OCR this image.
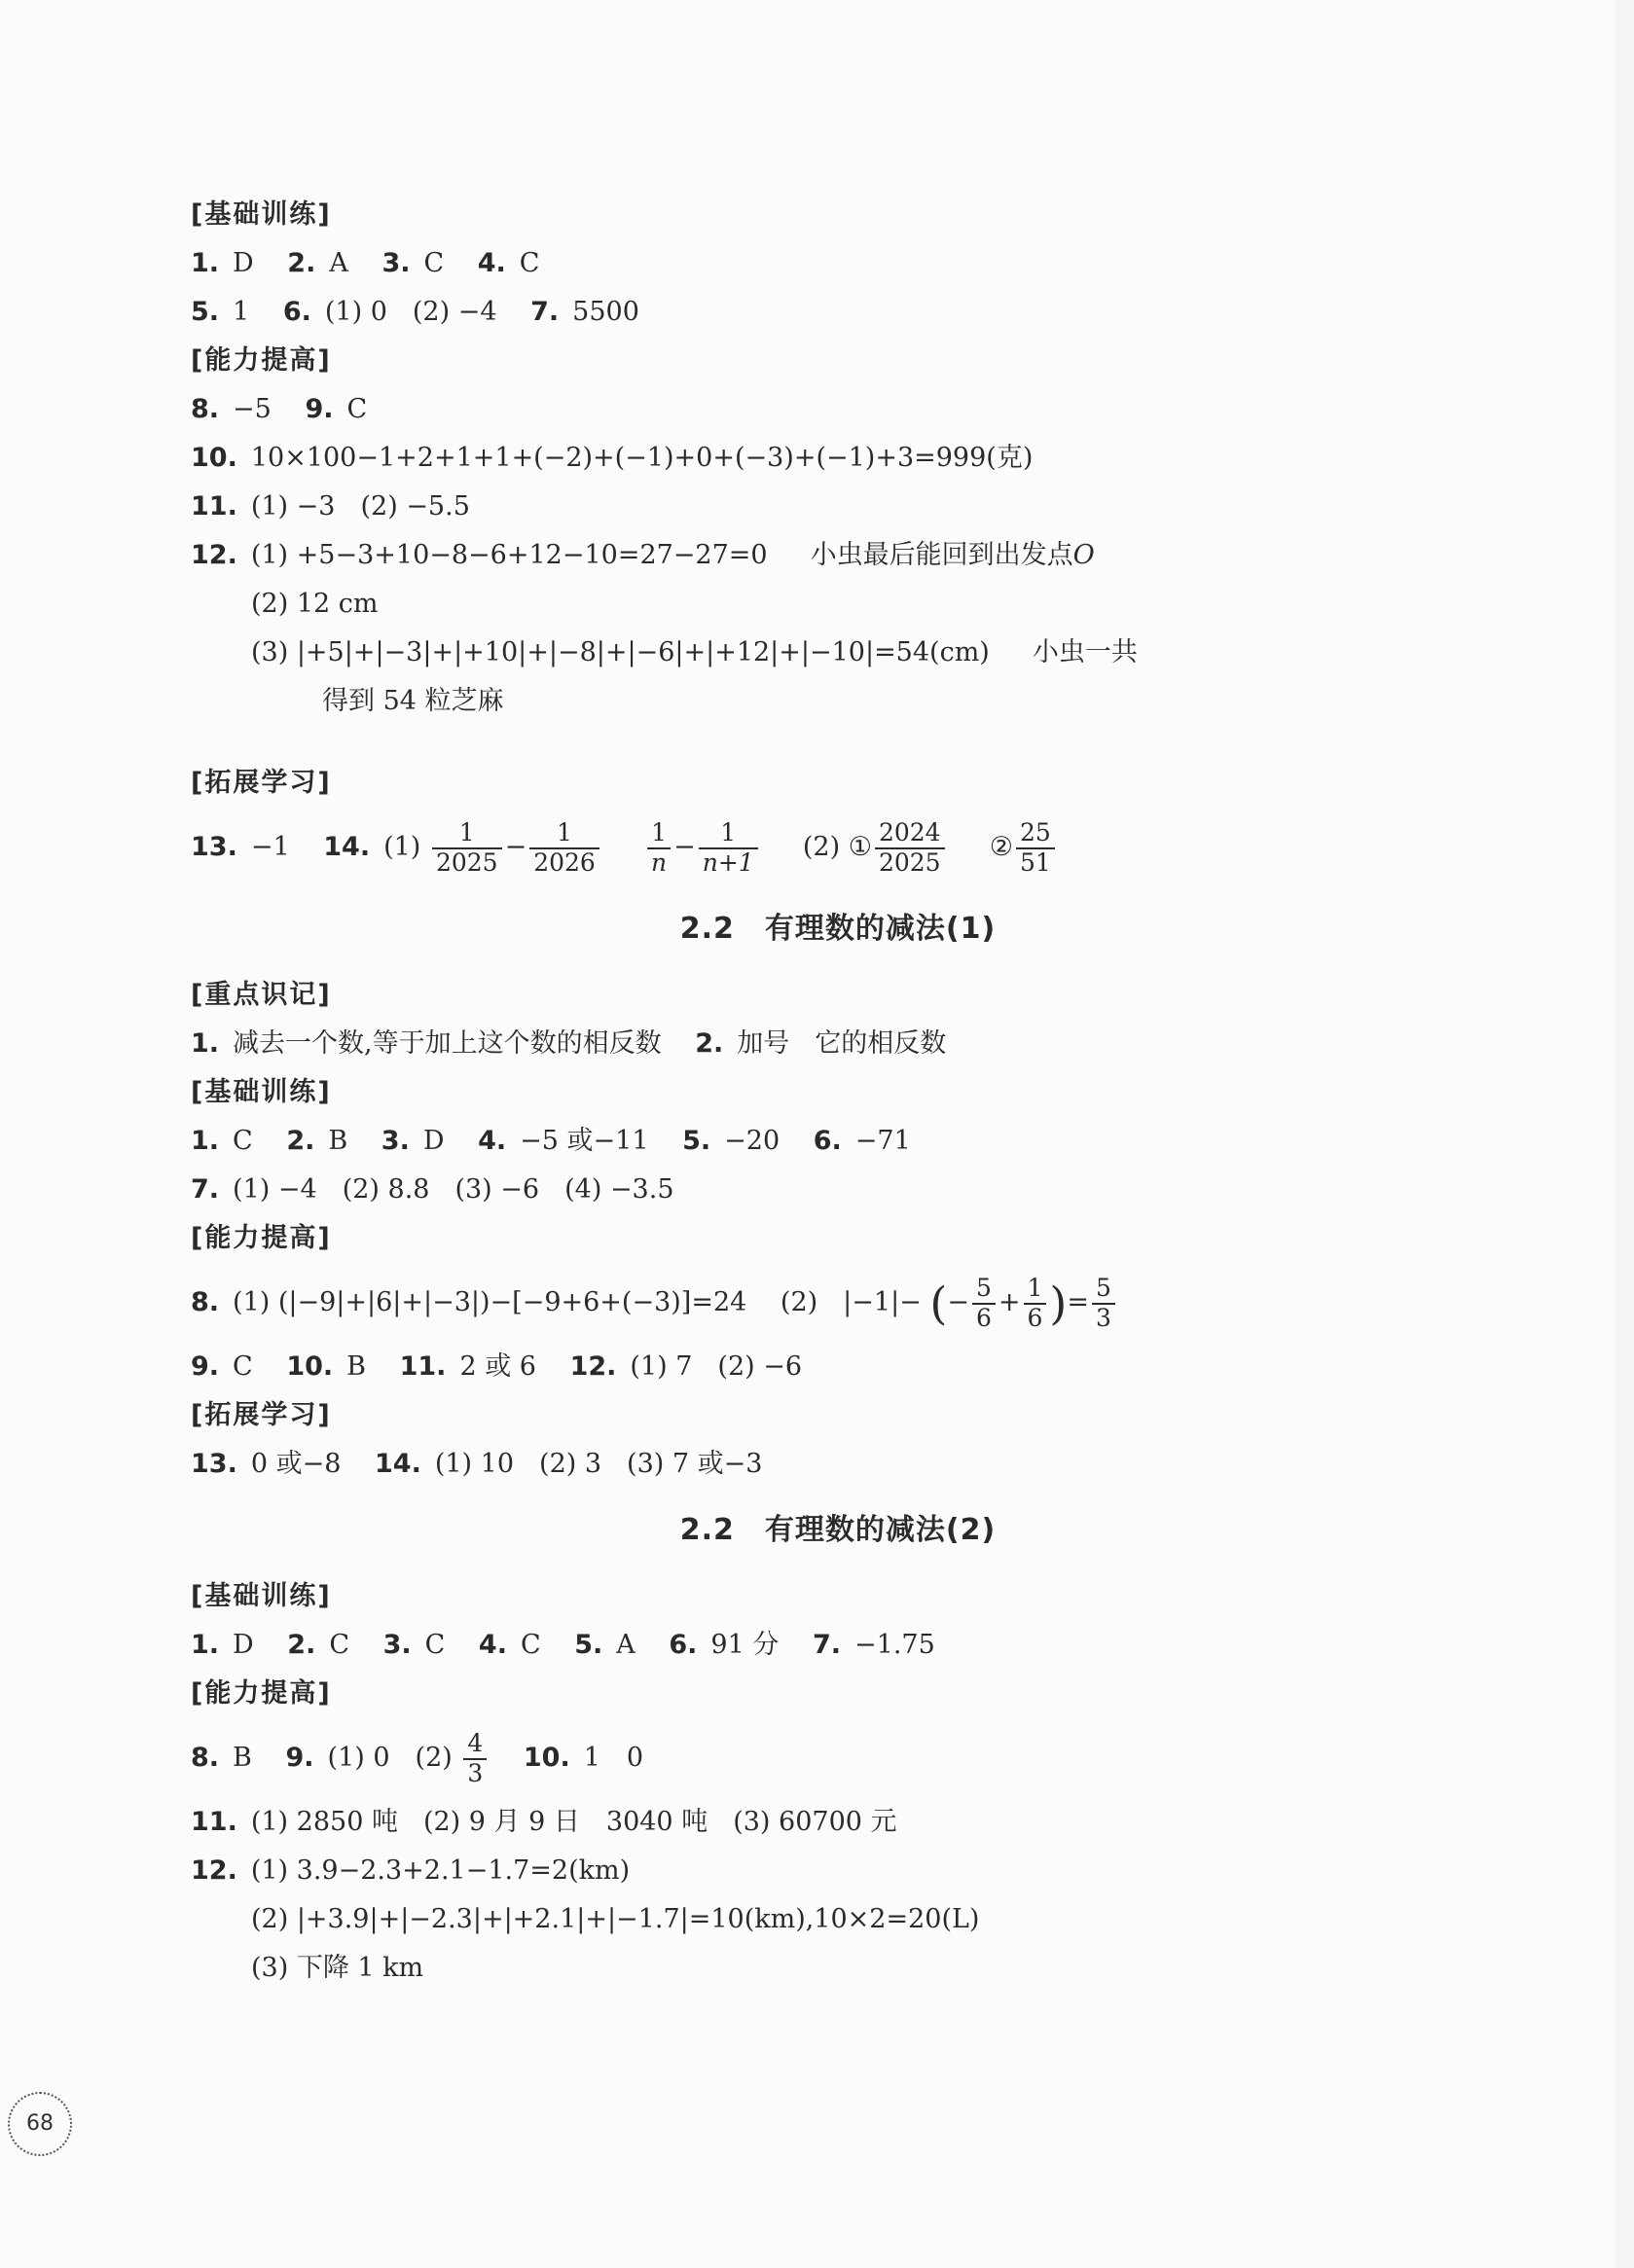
[基础训练]
1. D 2. A 3. C 4. C
5. 1 6. (1) 0 (2) −4 7. 5500
[能力提高]
8. −5 9. C
10. 10×100−1+2+1+1+(−2)+(−1)+0+(−3)+(−1)+3=999(克)
11. (1) −3 (2) −5.5
12. (1) +5−3+10−8−6+12−10=27−27=0 小虫最后能回到出发点O
(2) 12 cm
(3) |+5|+|−3|+|+10|+|−8|+|−6|+|+12|+|−10|=54(cm) 小虫一共
得到 54 粒芝麻
[拓展学习]
13. −1 14. $(1) \frac{1}{2025} - \frac{1}{2026}$
$\frac{1}{n} - \frac{1}{n+1} (2)$ ① $\frac{2024}{2025}$ ② $\frac{25}{51}$
2.2　有理数的减法(1)
[重点识记]
1. 减去一个数,等于加上这个数的相反数 2. 加号 它的相反数
[基础训练]
1. C 2. B 3. D 4. −5 或−11 5. −20 6. −71
7. (1) −4 (2) 8.8 (3) −6 (4) −3.5
[能力提高]
8. (1) (|−9|+|6|+|−3|)−[−9+6+(−3)]=24 (2) |−1|− (− $\frac{5}{6} + \frac{1}{6}$ )= $\frac{5}{3}$
9. C 10. B 11. 2 或 6 12. (1) 7 (2) −6
[拓展学习]
13. 0 或−8 14. (1) 10 (2) 3 (3) 7 或−3
2.2　有理数的减法(2)
[基础训练]
1. D 2. C 3. C 4. C 5. A 6. 91 分 7. −1.75
[能力提高]
8. B 9. (1) 0 $(2) \frac{4}{3} 10$. 1　0
11. (1) 2850 吨 (2) 9 月 9 日　3040 吨 (3) 60700 元
12. (1) 3.9−2.3+2.1−1.7=2(km)
(2) |+3.9|+|−2.3|+|+2.1|+|−1.7|=10(km),10×2=20(L)
(3) 下降 1 km
68
